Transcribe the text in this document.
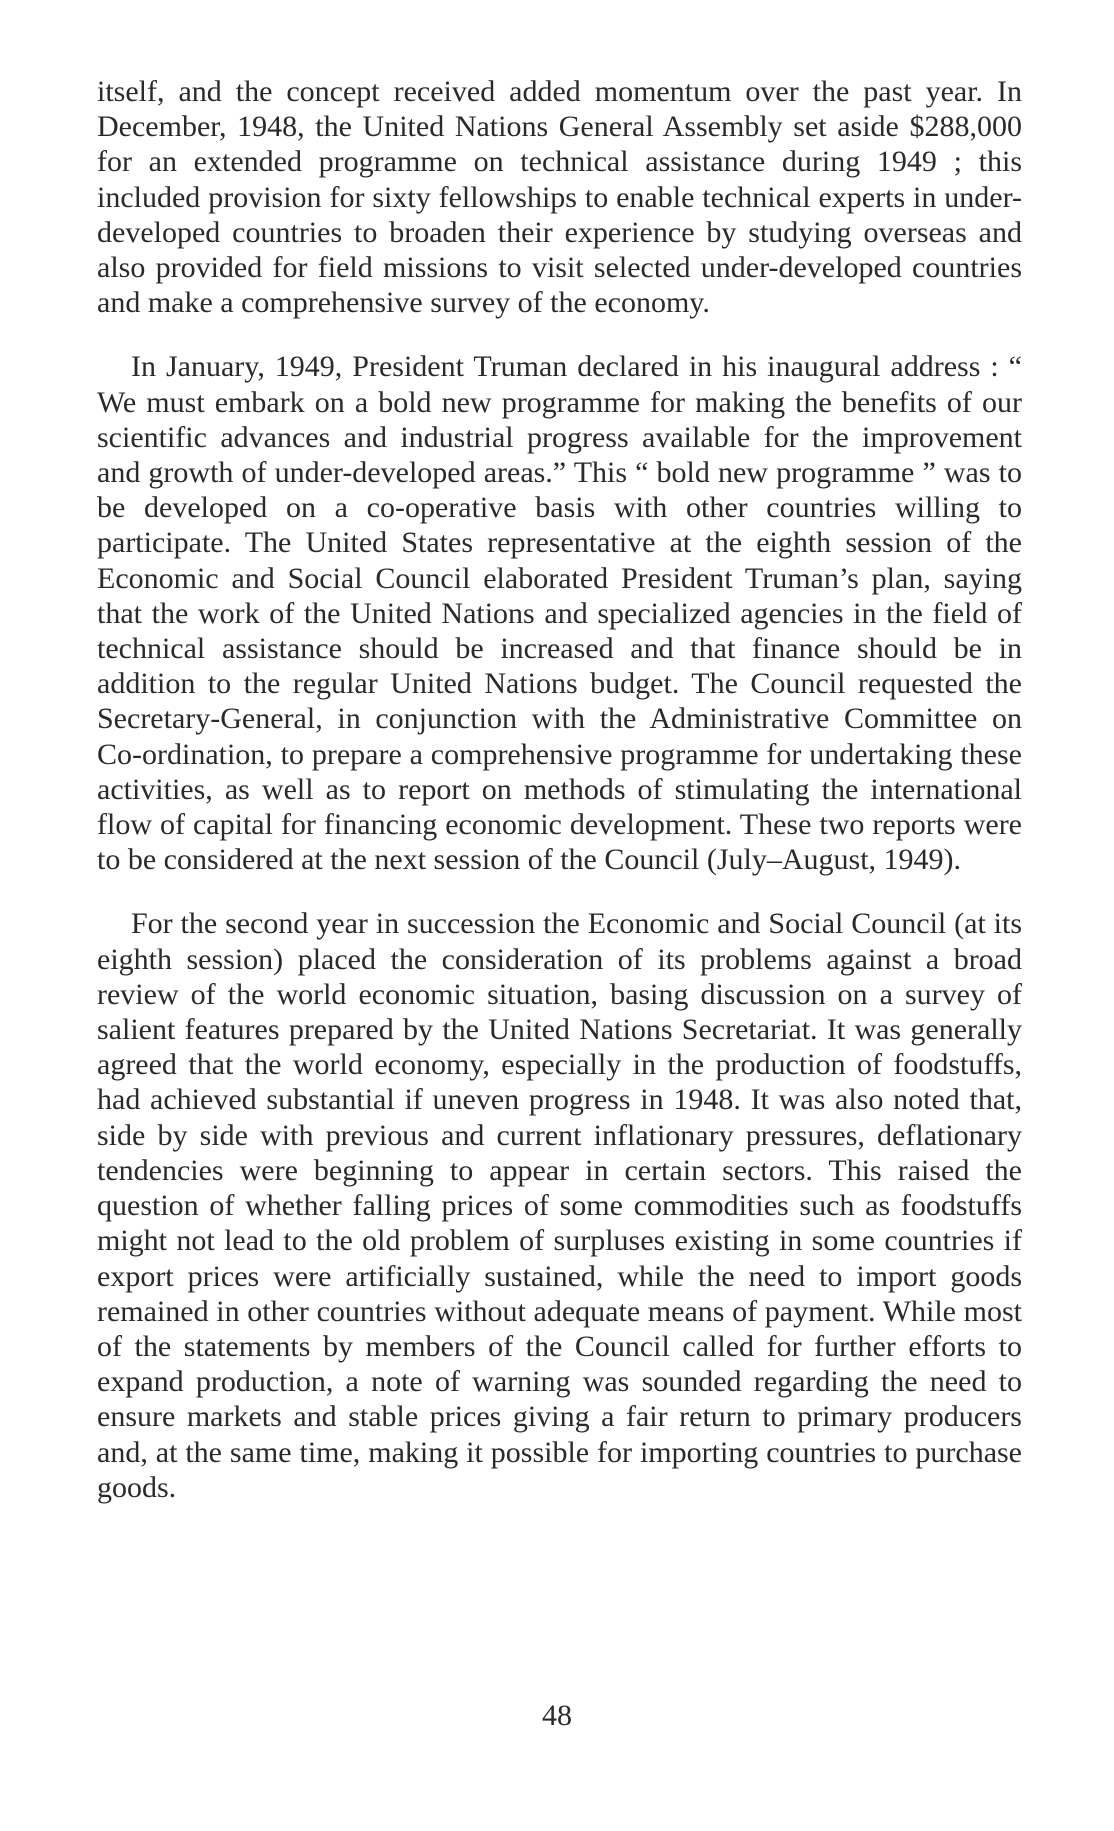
itself, and the concept received added momentum over the past year. In December, 1948, the United Nations General Assembly set aside $288,000 for an extended programme on technical assistance during 1949 ; this included provision for sixty fellowships to enable technical experts in under-developed countries to broaden their experience by studying overseas and also provided for field missions to visit selected under-developed countries and make a comprehensive survey of the economy.

In January, 1949, President Truman declared in his inaugural address : “ We must embark on a bold new programme for making the benefits of our scientific advances and industrial progress available for the improvement and growth of under-developed areas.” This “ bold new programme ” was to be developed on a co-operative basis with other countries willing to participate. The United States representative at the eighth session of the Economic and Social Council elaborated President Truman’s plan, saying that the work of the United Nations and specialized agencies in the field of technical assistance should be increased and that finance should be in addition to the regular United Nations budget. The Council requested the Secretary-General, in conjunction with the Administrative Committee on Co-ordination, to prepare a comprehensive programme for undertaking these activities, as well as to report on methods of stimulating the international flow of capital for financing economic development. These two reports were to be considered at the next session of the Council (July–August, 1949).

For the second year in succession the Economic and Social Council (at its eighth session) placed the consideration of its problems against a broad review of the world economic situation, basing discussion on a survey of salient features prepared by the United Nations Secretariat. It was generally agreed that the world economy, especially in the production of foodstuffs, had achieved substantial if uneven progress in 1948. It was also noted that, side by side with previous and current inflationary pressures, deflationary tendencies were beginning to appear in certain sectors. This raised the question of whether falling prices of some commodities such as foodstuffs might not lead to the old problem of surpluses existing in some countries if export prices were artificially sustained, while the need to import goods remained in other countries without adequate means of payment. While most of the statements by members of the Council called for further efforts to expand production, a note of warning was sounded regarding the need to ensure markets and stable prices giving a fair return to primary producers and, at the same time, making it possible for importing countries to purchase goods.

48
